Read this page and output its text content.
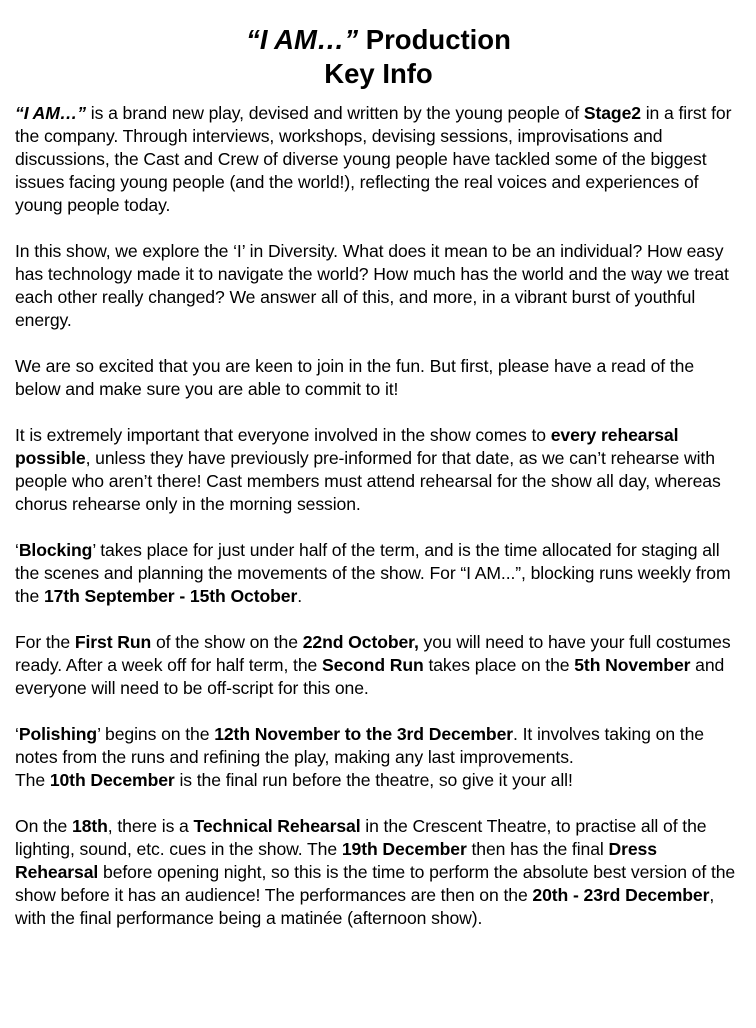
“I AM…” Production
Key Info

“I AM…” is a brand new play, devised and written by the young people of Stage2 in a first for the company. Through interviews, workshops, devising sessions, improvisations and discussions, the Cast and Crew of diverse young people have tackled some of the biggest issues facing young people (and the world!), reflecting the real voices and experiences of young people today.

In this show, we explore the ‘I’ in Diversity. What does it mean to be an individual? How easy has technology made it to navigate the world? How much has the world and the way we treat each other really changed? We answer all of this, and more, in a vibrant burst of youthful energy.

We are so excited that you are keen to join in the fun. But first, please have a read of the below and make sure you are able to commit to it!

It is extremely important that everyone involved in the show comes to every rehearsal possible, unless they have previously pre-informed for that date, as we can’t rehearse with people who aren’t there! Cast members must attend rehearsal for the show all day, whereas chorus rehearse only in the morning session.

‘Blocking’ takes place for just under half of the term, and is the time allocated for staging all the scenes and planning the movements of the show. For “I AM...”, blocking runs weekly from the 17th September - 15th October.

For the First Run of the show on the 22nd October, you will need to have your full costumes ready. After a week off for half term, the Second Run takes place on the 5th November and everyone will need to be off-script for this one.

‘Polishing’ begins on the 12th November to the 3rd December. It involves taking on the notes from the runs and refining the play, making any last improvements.

The 10th December is the final run before the theatre, so give it your all!

On the 18th, there is a Technical Rehearsal in the Crescent Theatre, to practise all of the lighting, sound, etc. cues in the show. The 19th December then has the final Dress Rehearsal before opening night, so this is the time to perform the absolute best version of the show before it has an audience! The performances are then on the 20th - 23rd December, with the final performance being a matinée (afternoon show).
